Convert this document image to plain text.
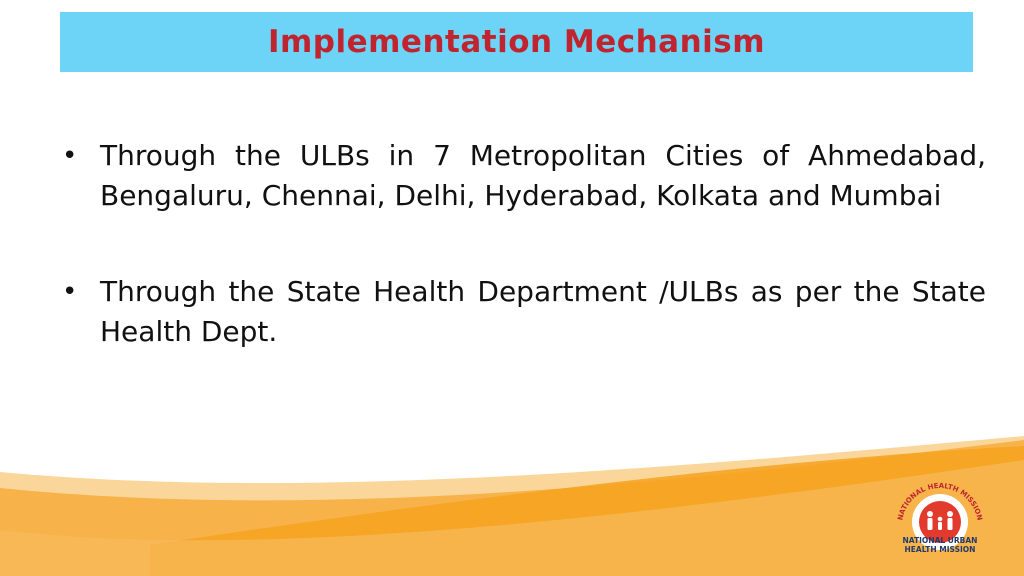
Implementation Mechanism
• Through the ULBs in 7 Metropolitan Cities of Ahmedabad, Bengaluru, Chennai, Delhi, Hyderabad, Kolkata and Mumbai
• Through the State Health Department /ULBs as per the State Health Dept.
NATIONAL HEALTH MISSION
NATIONAL URBAN
HEALTH MISSION
